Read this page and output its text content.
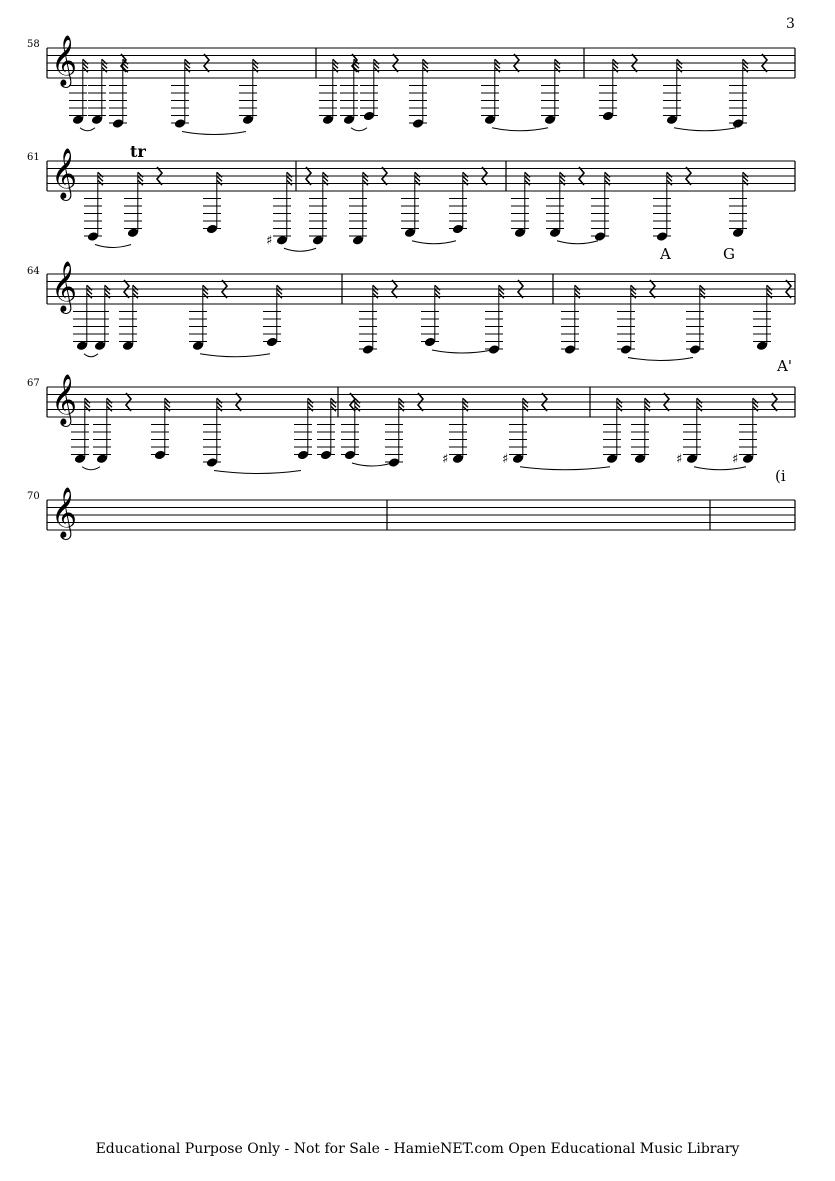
3
58
61
64
67
70
tr
A	G
A'
(i
𝄞
𝄞
♯
𝄞
𝄞
♯	♯	♯	♯
𝄞
Educational Purpose Only - Not for Sale - HamieNET.com Open Educational Music Library
